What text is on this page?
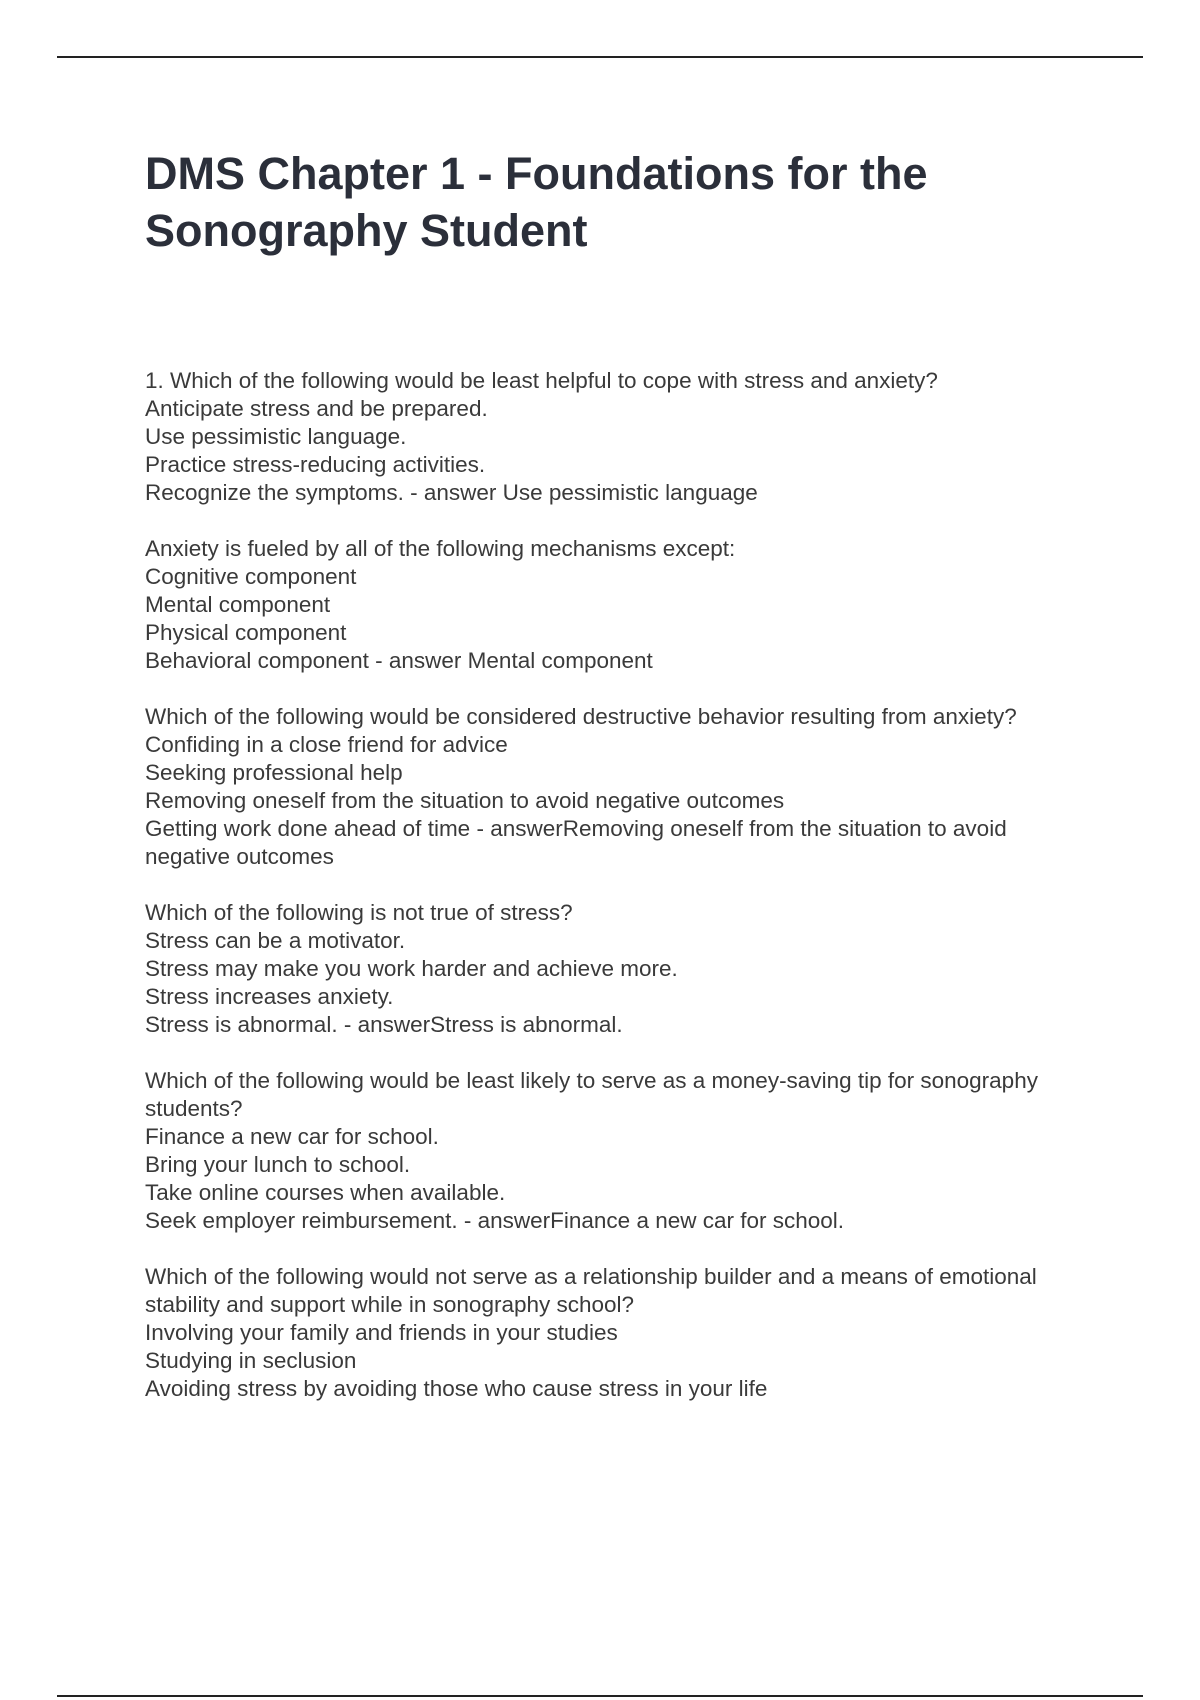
DMS Chapter 1 - Foundations for the Sonography Student
1. Which of the following would be least helpful to cope with stress and anxiety?
Anticipate stress and be prepared.
Use pessimistic language.
Practice stress-reducing activities.
Recognize the symptoms. - answer Use pessimistic language
Anxiety is fueled by all of the following mechanisms except:
Cognitive component
Mental component
Physical component
Behavioral component - answer Mental component
Which of the following would be considered destructive behavior resulting from anxiety?
Confiding in a close friend for advice
Seeking professional help
Removing oneself from the situation to avoid negative outcomes
Getting work done ahead of time - answerRemoving oneself from the situation to avoid negative outcomes
Which of the following is not true of stress?
Stress can be a motivator.
Stress may make you work harder and achieve more.
Stress increases anxiety.
Stress is abnormal. - answerStress is abnormal.
Which of the following would be least likely to serve as a money-saving tip for sonography students?
Finance a new car for school.
Bring your lunch to school.
Take online courses when available.
Seek employer reimbursement. - answerFinance a new car for school.
Which of the following would not serve as a relationship builder and a means of emotional stability and support while in sonography school?
Involving your family and friends in your studies
Studying in seclusion
Avoiding stress by avoiding those who cause stress in your life
